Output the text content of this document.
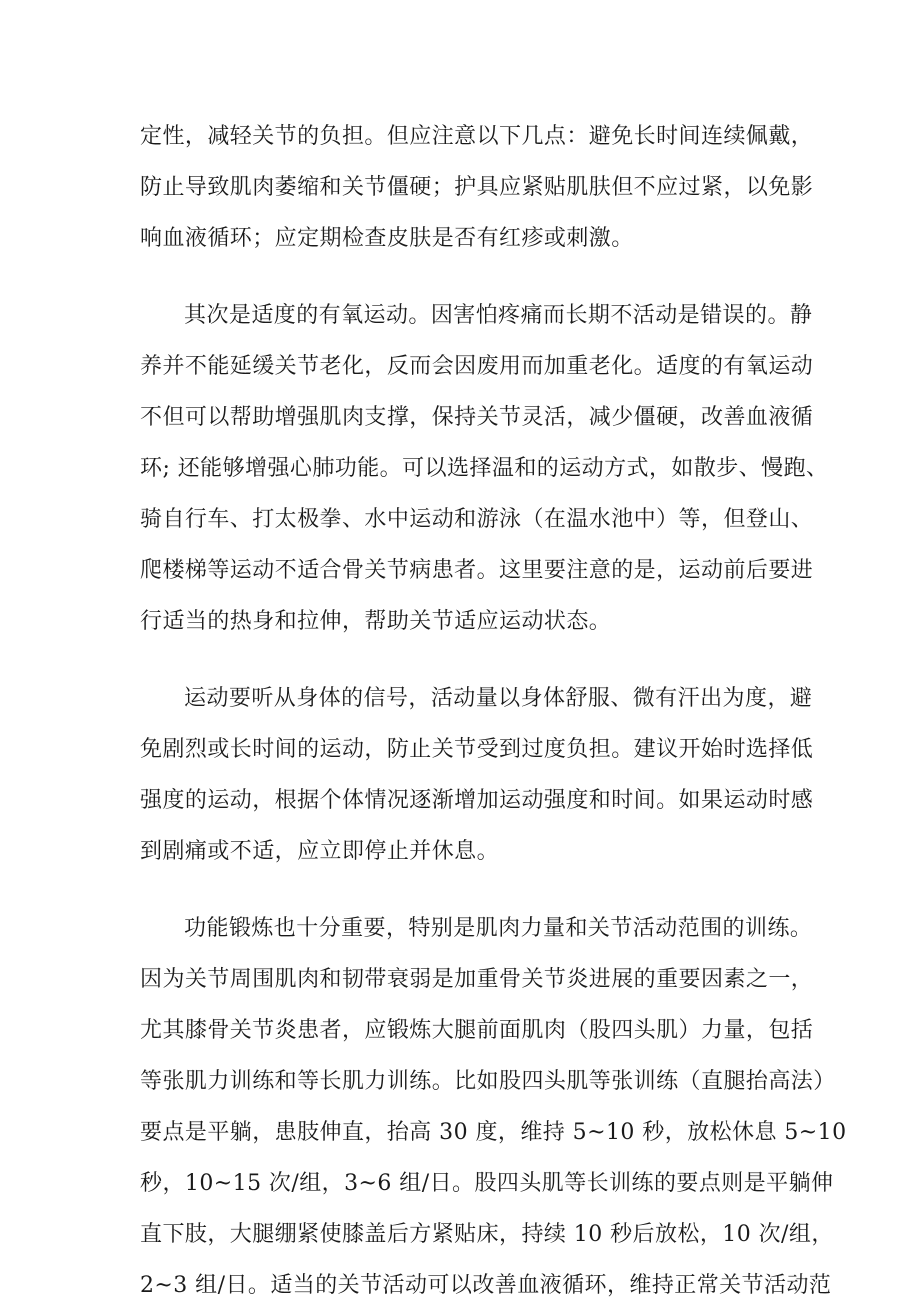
定性，减轻关节的负担。但应注意以下几点：避免长时间连续佩戴，
防止导致肌肉萎缩和关节僵硬；护具应紧贴肌肤但不应过紧，以免影
响血液循环；应定期检查皮肤是否有红疹或刺激。
其次是适度的有氧运动。因害怕疼痛而长期不活动是错误的。静
养并不能延缓关节老化，反而会因废用而加重老化。适度的有氧运动
不但可以帮助增强肌肉支撑，保持关节灵活，减少僵硬，改善血液循
环; 还能够增强心肺功能。可以选择温和的运动方式，如散步、慢跑、
骑自行车、打太极拳、水中运动和游泳（在温水池中）等，但登山、
爬楼梯等运动不适合骨关节病患者。这里要注意的是，运动前后要进
行适当的热身和拉伸，帮助关节适应运动状态。
运动要听从身体的信号，活动量以身体舒服、微有汗出为度，避
免剧烈或长时间的运动，防止关节受到过度负担。建议开始时选择低
强度的运动，根据个体情况逐渐增加运动强度和时间。如果运动时感
到剧痛或不适，应立即停止并休息。
功能锻炼也十分重要，特别是肌肉力量和关节活动范围的训练。
因为关节周围肌肉和韧带衰弱是加重骨关节炎进展的重要因素之一，
尤其膝骨关节炎患者，应锻炼大腿前面肌肉（股四头肌）力量，包括
等张肌力训练和等长肌力训练。比如股四头肌等张训练（直腿抬高法）
要点是平躺，患肢伸直，抬高 30 度，维持 5~10 秒，放松休息 5~10
秒，10~15 次/组，3~6 组/日。股四头肌等长训练的要点则是平躺伸
直下肢，大腿绷紧使膝盖后方紧贴床，持续 10 秒后放松，10 次/组，
2~3 组/日。适当的关节活动可以改善血液循环，维持正常关节活动范
